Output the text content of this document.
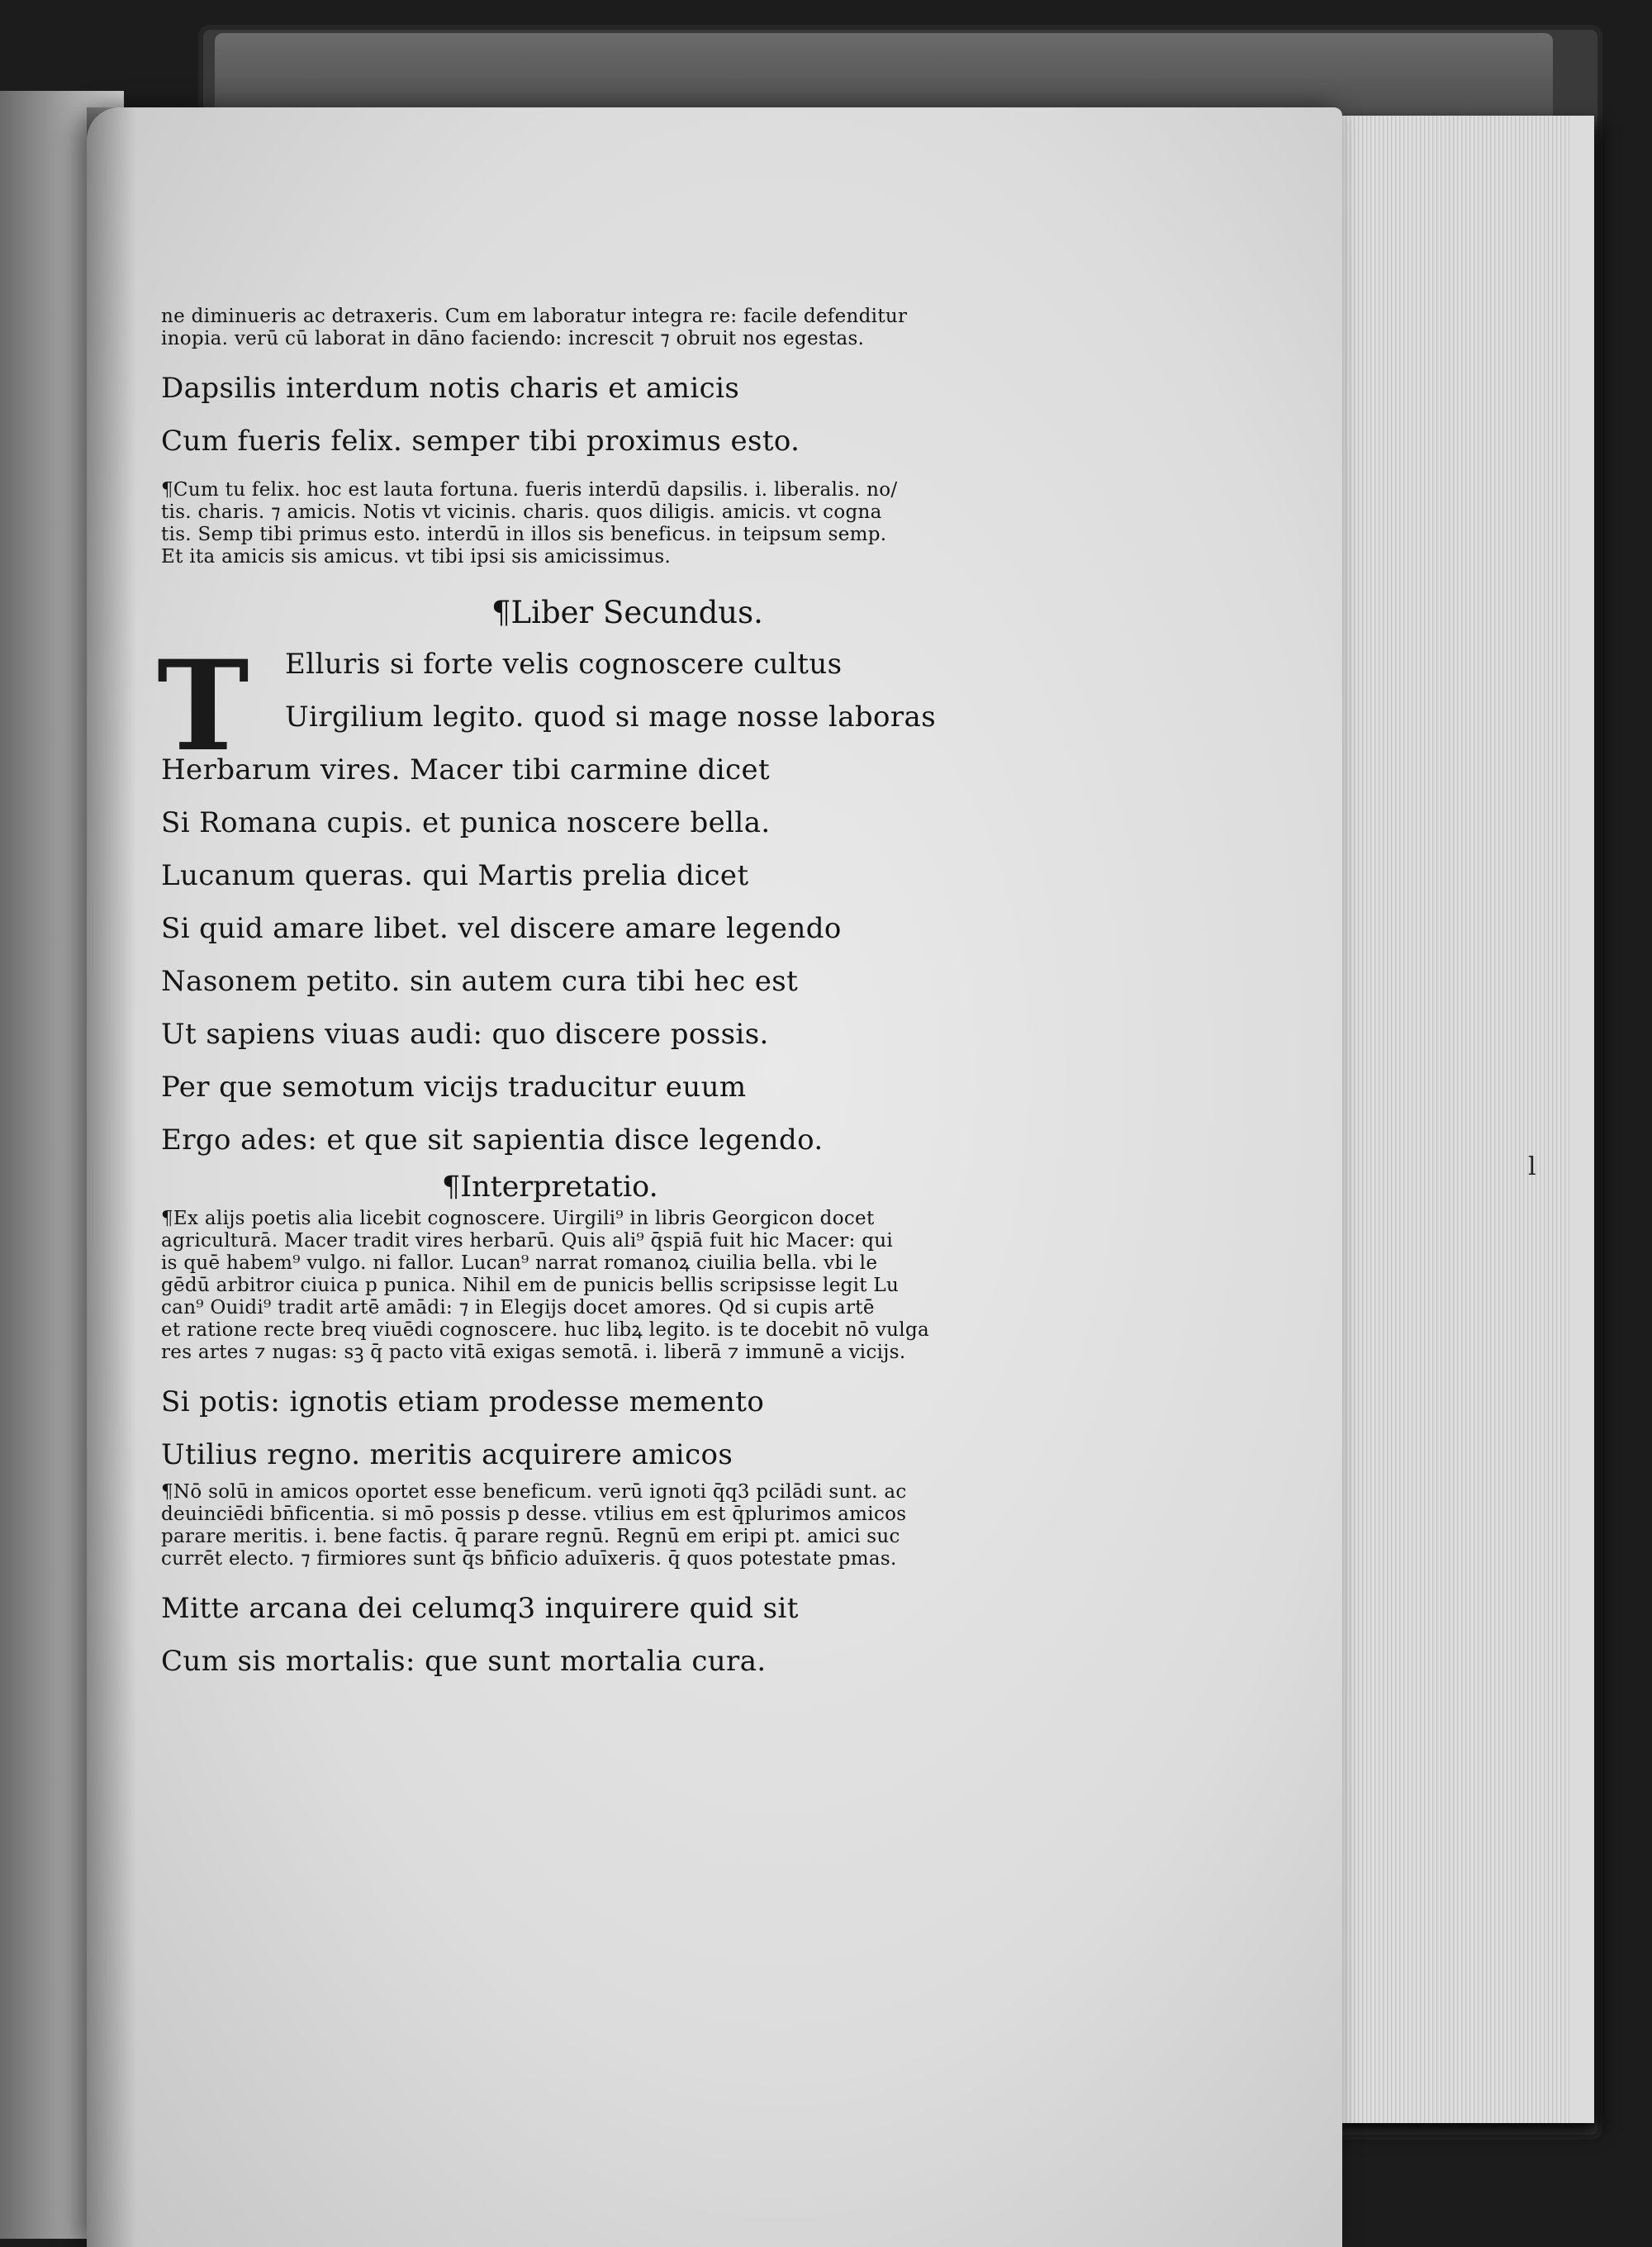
ne diminueris ac detraxeris. Cum em laboratur integra re: facile defenditur

inopia. verū cū laborat in dāno faciendo: increscit ⁊ obruit nos egestas.

Dapsilis interdum notis charis et amicis

Cum fueris felix. semper tibi proximus esto.

¶Cum tu felix. hoc est lauta fortuna. fueris interdū dapsilis. i. liberalis. no/

tis. charis. ⁊ amicis. Notis vt vicinis. charis. quos diligis. amicis. vt cogna

tis. Semp tibi primus esto. interdū in illos sis beneficus. in teipsum semp.

Et ita amicis sis amicus. vt tibi ipsi sis amicissimus.

¶Liber Secundus.

T	Elluris si forte velis cognoscere cultus

Uirgilium legito. quod si mage nosse laboras

Herbarum vires. Macer tibi carmine dicet

Si Romana cupis. et punica noscere bella.

Lucanum queras. qui Martis prelia dicet

Si quid amare libet. vel discere amare legendo

Nasonem petito. sin autem cura tibi hec est

Ut sapiens viuas audi: quo discere possis.

Per que semotum vicijs traducitur euum

Ergo ades: et que sit sapientia disce legendo.

¶Interpretatio.

¶Ex alijs poetis alia licebit cognoscere. Uirgili⁹ in libris Georgicon docet

agriculturā. Macer tradit vires herbarū. Quis ali⁹ q̄spiā fuit hic Macer: qui

is quē habem⁹ vulgo. ni fallor. Lucan⁹ narrat romanoꝝ ciuilia bella. vbi le

gēdū arbitror ciuica p punica. Nihil em de punicis bellis scripsisse legit Lu

can⁹ Ouidi⁹ tradit artē amādi: ⁊ in Elegijs docet amores. Qd si cupis artē

et ratione recte breq viuēdi cognoscere. huc libꝝ legito. is te docebit nō vulga

res artes ⁊ nugas: sꝫ q̄ pacto vitā exigas semotā. i. liberā ⁊ immunē a vicijs.

Si potis: ignotis etiam prodesse memento

Utilius regno. meritis acquirere amicos

¶Nō solū in amicos oportet esse beneficum. verū ignoti q̄q3 pcilādi sunt. ac

deuinciēdi bn̄ficentia. si mō possis p desse. vtilius em est q̄plurimos amicos

parare meritis. i. bene factis. q̄ parare regnū. Regnū em eripi pt. amici suc

currēt electo. ⁊ firmiores sunt q̄s bn̄ficio aduīxeris. q̄ quos potestate pmas.

Mitte arcana dei celumq3 inquirere quid sit

Cum sis mortalis: que sunt mortalia cura.

l
